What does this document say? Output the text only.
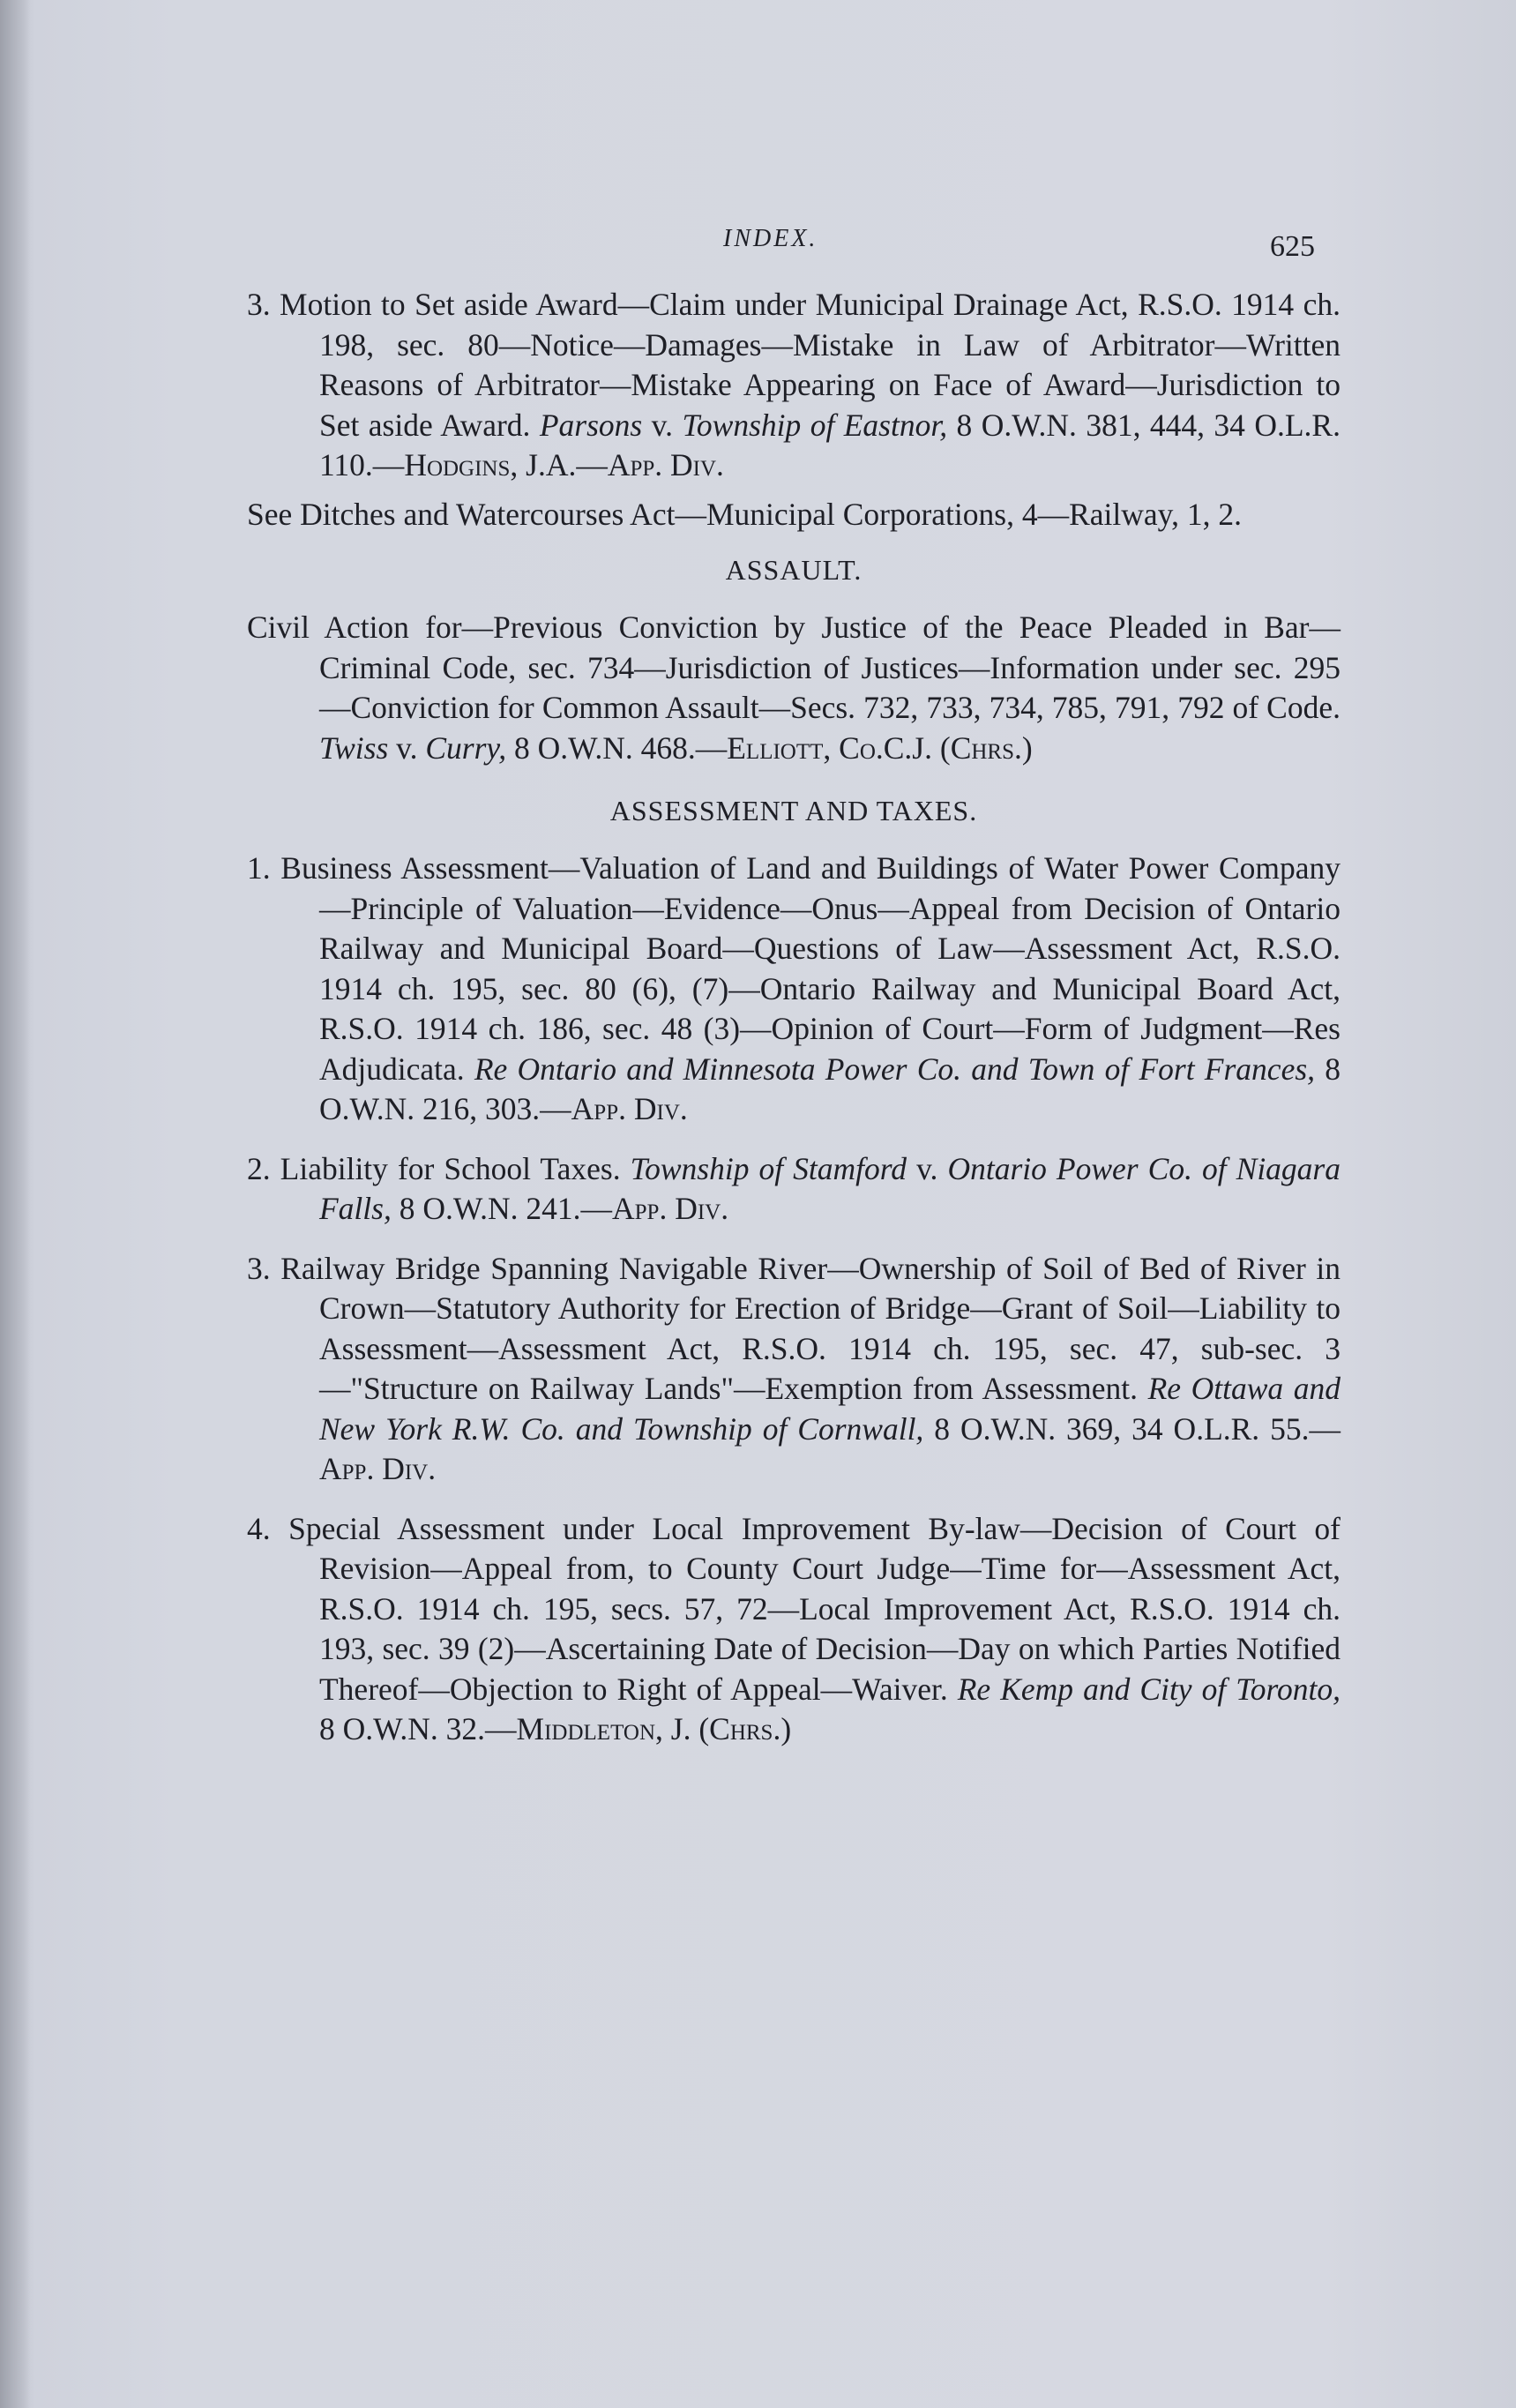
INDEX.	625

3. Motion to Set aside Award—Claim under Municipal Drainage Act, R.S.O. 1914 ch. 198, sec. 80—Notice—Damages—Mistake in Law of Arbitrator—Written Reasons of Arbitrator—Mistake Appearing on Face of Award—Jurisdiction to Set aside Award. Parsons v. Township of Eastnor, 8 O.W.N. 381, 444, 34 O.L.R. 110.—Hodgins, J.A.—App. Div.

See Ditches and Watercourses Act—Municipal Corporations, 4—Railway, 1, 2.

ASSAULT.

Civil Action for—Previous Conviction by Justice of the Peace Pleaded in Bar—Criminal Code, sec. 734—Jurisdiction of Justices—Information under sec. 295—Conviction for Common Assault—Secs. 732, 733, 734, 785, 791, 792 of Code. Twiss v. Curry, 8 O.W.N. 468.—Elliott, Co.C.J. (Chrs.)

ASSESSMENT AND TAXES.

1. Business Assessment—Valuation of Land and Buildings of Water Power Company—Principle of Valuation—Evidence—Onus—Appeal from Decision of Ontario Railway and Municipal Board—Questions of Law—Assessment Act, R.S.O. 1914 ch. 195, sec. 80 (6), (7)—Ontario Railway and Municipal Board Act, R.S.O. 1914 ch. 186, sec. 48 (3)—Opinion of Court—Form of Judgment—Res Adjudicata. Re Ontario and Minnesota Power Co. and Town of Fort Frances, 8 O.W.N. 216, 303.—App. Div.

2. Liability for School Taxes. Township of Stamford v. Ontario Power Co. of Niagara Falls, 8 O.W.N. 241.—App. Div.

3. Railway Bridge Spanning Navigable River—Ownership of Soil of Bed of River in Crown—Statutory Authority for Erection of Bridge—Grant of Soil—Liability to Assessment—Assessment Act, R.S.O. 1914 ch. 195, sec. 47, sub-sec. 3—"Structure on Railway Lands"—Exemption from Assessment. Re Ottawa and New York R.W. Co. and Township of Cornwall, 8 O.W.N. 369, 34 O.L.R. 55.—App. Div.

4. Special Assessment under Local Improvement By-law—Decision of Court of Revision—Appeal from, to County Court Judge—Time for—Assessment Act, R.S.O. 1914 ch. 195, secs. 57, 72—Local Improvement Act, R.S.O. 1914 ch. 193, sec. 39 (2)—Ascertaining Date of Decision—Day on which Parties Notified Thereof—Objection to Right of Appeal—Waiver. Re Kemp and City of Toronto, 8 O.W.N. 32.—Middleton, J. (Chrs.)
